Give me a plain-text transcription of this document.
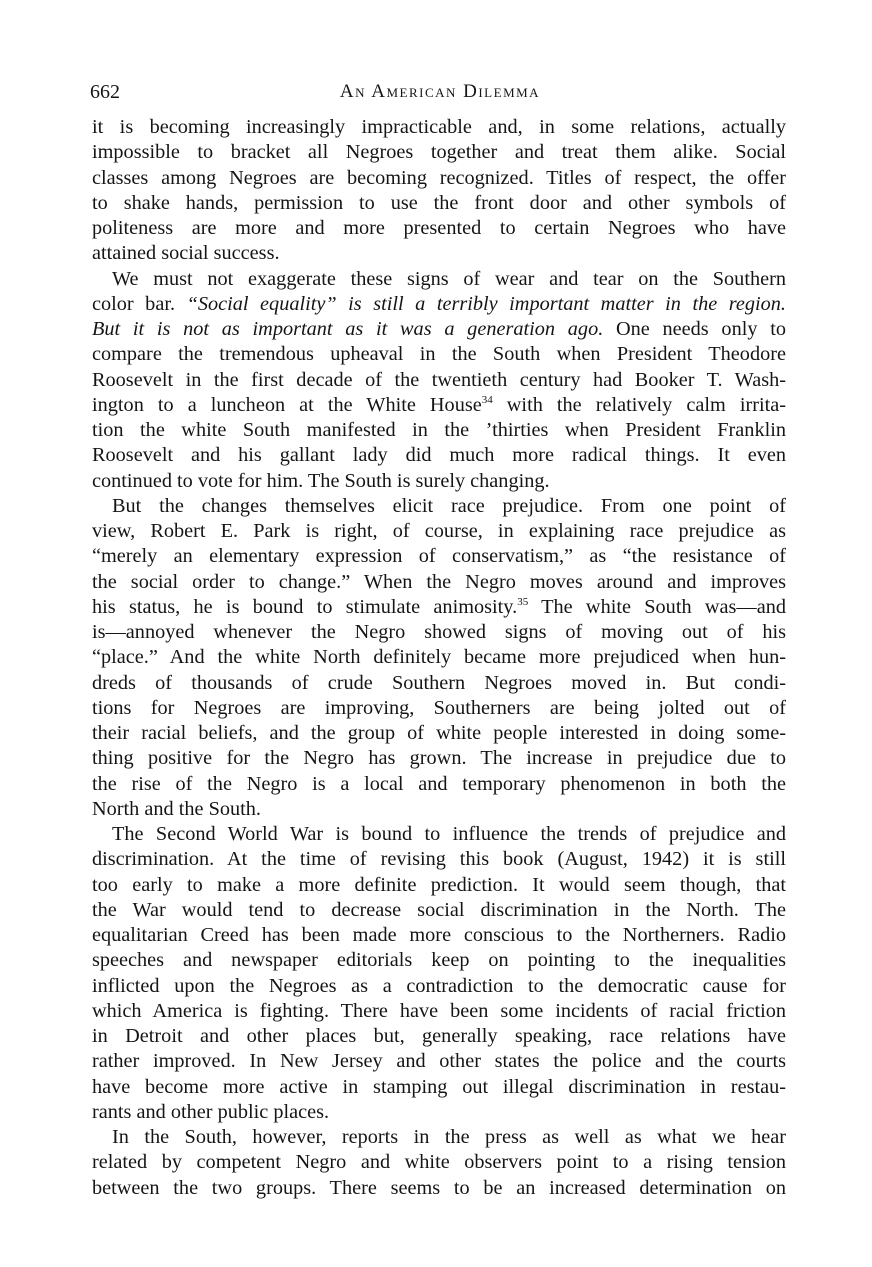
662	An American Dilemma
it is becoming increasingly impracticable and, in some relations, actually
impossible to bracket all Negroes together and treat them alike. Social
classes among Negroes are becoming recognized. Titles of respect, the offer
to shake hands, permission to use the front door and other symbols of
politeness are more and more presented to certain Negroes who have
attained social success.
We must not exaggerate these signs of wear and tear on the Southern
color bar. “Social equality” is still a terribly important matter in the region.
But it is not as important as it was a generation ago. One needs only to
compare the tremendous upheaval in the South when President Theodore
Roosevelt in the first decade of the twentieth century had Booker T. Wash-
ington to a luncheon at the White House$^{34}$ with the relatively calm irrita-
tion the white South manifested in the ’thirties when President Franklin
Roosevelt and his gallant lady did much more radical things. It even
continued to vote for him. The South is surely changing.
But the changes themselves elicit race prejudice. From one point of
view, Robert E. Park is right, of course, in explaining race prejudice as
“merely an elementary expression of conservatism,” as “the resistance of
the social order to change.” When the Negro moves around and improves
his status, he is bound to stimulate animosity.$^{35}$ The white South was—and
is—annoyed whenever the Negro showed signs of moving out of his
“place.” And the white North definitely became more prejudiced when hun-
dreds of thousands of crude Southern Negroes moved in. But condi-
tions for Negroes are improving, Southerners are being jolted out of
their racial beliefs, and the group of white people interested in doing some-
thing positive for the Negro has grown. The increase in prejudice due to
the rise of the Negro is a local and temporary phenomenon in both the
North and the South.
The Second World War is bound to influence the trends of prejudice and
discrimination. At the time of revising this book (August, 1942) it is still
too early to make a more definite prediction. It would seem though, that
the War would tend to decrease social discrimination in the North. The
equalitarian Creed has been made more conscious to the Northerners. Radio
speeches and newspaper editorials keep on pointing to the inequalities
inflicted upon the Negroes as a contradiction to the democratic cause for
which America is fighting. There have been some incidents of racial friction
in Detroit and other places but, generally speaking, race relations have
rather improved. In New Jersey and other states the police and the courts
have become more active in stamping out illegal discrimination in restau-
rants and other public places.
In the South, however, reports in the press as well as what we hear
related by competent Negro and white observers point to a rising tension
between the two groups. There seems to be an increased determination on
